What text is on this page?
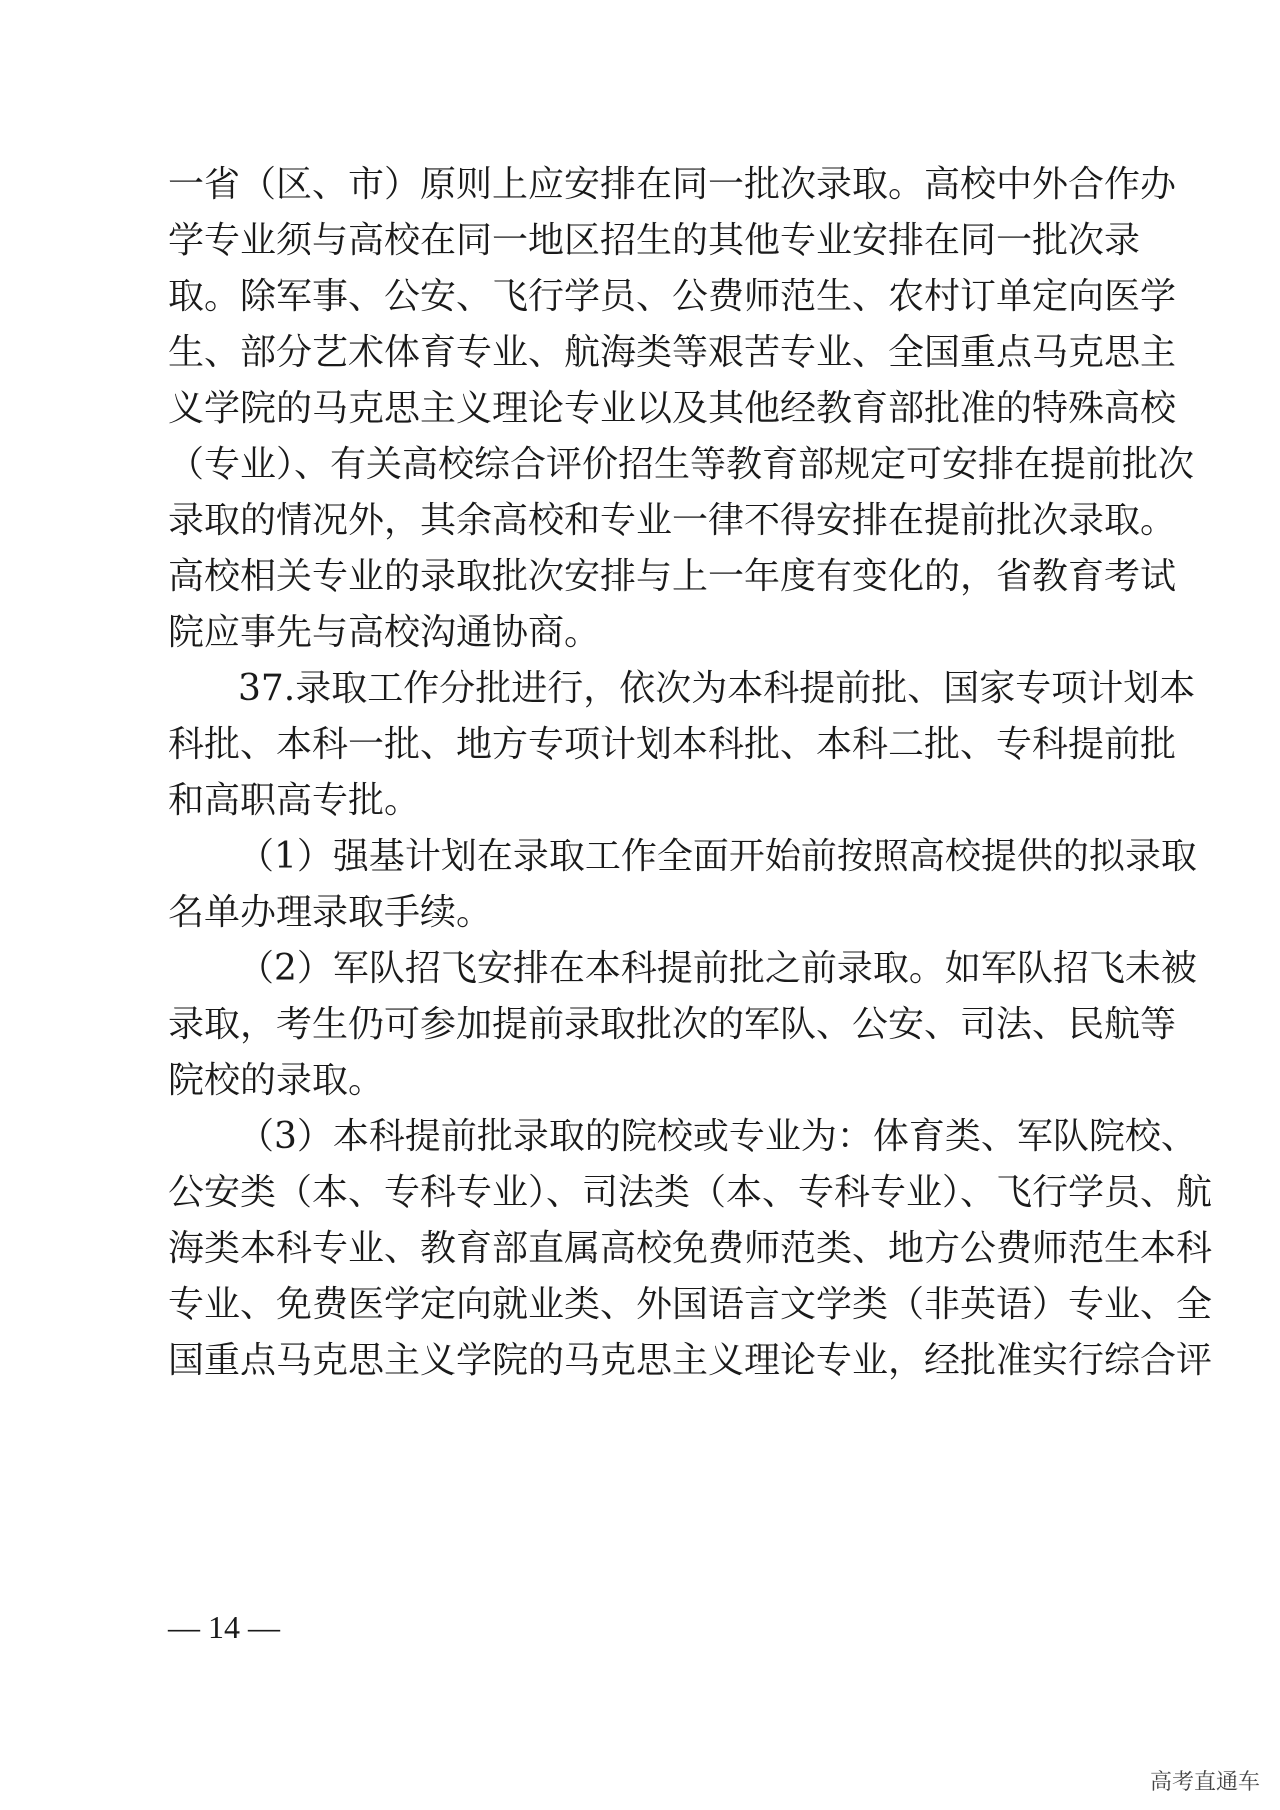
一省（区、市）原则上应安排在同一批次录取。高校中外合作办
学专业须与高校在同一地区招生的其他专业安排在同一批次录
取。除军事、公安、飞行学员、公费师范生、农村订单定向医学
生、部分艺术体育专业、航海类等艰苦专业、全国重点马克思主
义学院的马克思主义理论专业以及其他经教育部批准的特殊高校
（专业）、有关高校综合评价招生等教育部规定可安排在提前批次
录取的情况外，其余高校和专业一律不得安排在提前批次录取。
高校相关专业的录取批次安排与上一年度有变化的，省教育考试
院应事先与高校沟通协商。
37.录取工作分批进行，依次为本科提前批、国家专项计划本
科批、本科一批、地方专项计划本科批、本科二批、专科提前批
和高职高专批。
（1）强基计划在录取工作全面开始前按照高校提供的拟录取
名单办理录取手续。
（2）军队招飞安排在本科提前批之前录取。如军队招飞未被
录取，考生仍可参加提前录取批次的军队、公安、司法、民航等
院校的录取。
（3）本科提前批录取的院校或专业为：体育类、军队院校、
公安类（本、专科专业）、司法类（本、专科专业）、飞行学员、航
海类本科专业、教育部直属高校免费师范类、地方公费师范生本科
专业、免费医学定向就业类、外国语言文学类（非英语）专业、全
国重点马克思主义学院的马克思主义理论专业，经批准实行综合评
— 14 —
高考直通车
